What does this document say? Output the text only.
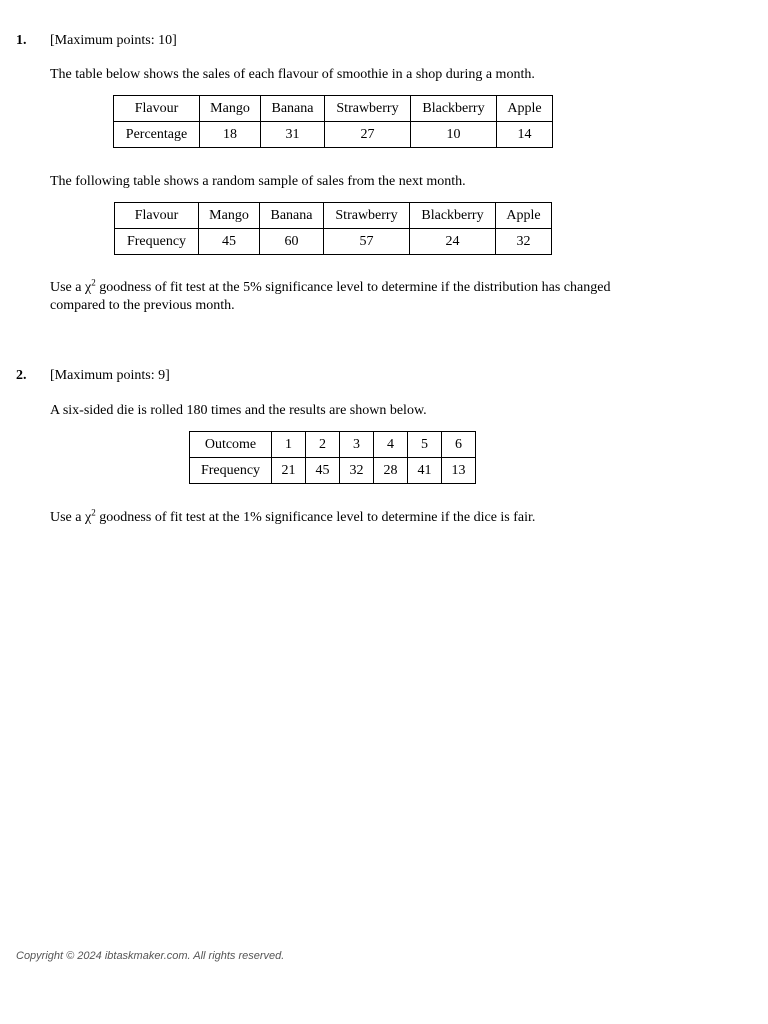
1. [Maximum points: 10]
The table below shows the sales of each flavour of smoothie in a shop during a month.
Flavour	Mango	Banana	Strawberry	Blackberry	Apple
Percentage	18	31	27	10	14
The following table shows a random sample of sales from the next month.
Flavour	Mango	Banana	Strawberry	Blackberry	Apple
Frequency	45	60	57	24	32
Use a $\chi^2$ goodness of fit test at the 5% significance level to determine if the distribution has changed compared to the previous month.
2. [Maximum points: 9]
A six-sided die is rolled 180 times and the results are shown below.
Outcome	1	2	3	4	5	6
Frequency	21	45	32	28	41	13
Use a $\chi^2$ goodness of fit test at the 1% significance level to determine if the dice is fair.
Copyright © 2024 ibtaskmaker.com. All rights reserved.
